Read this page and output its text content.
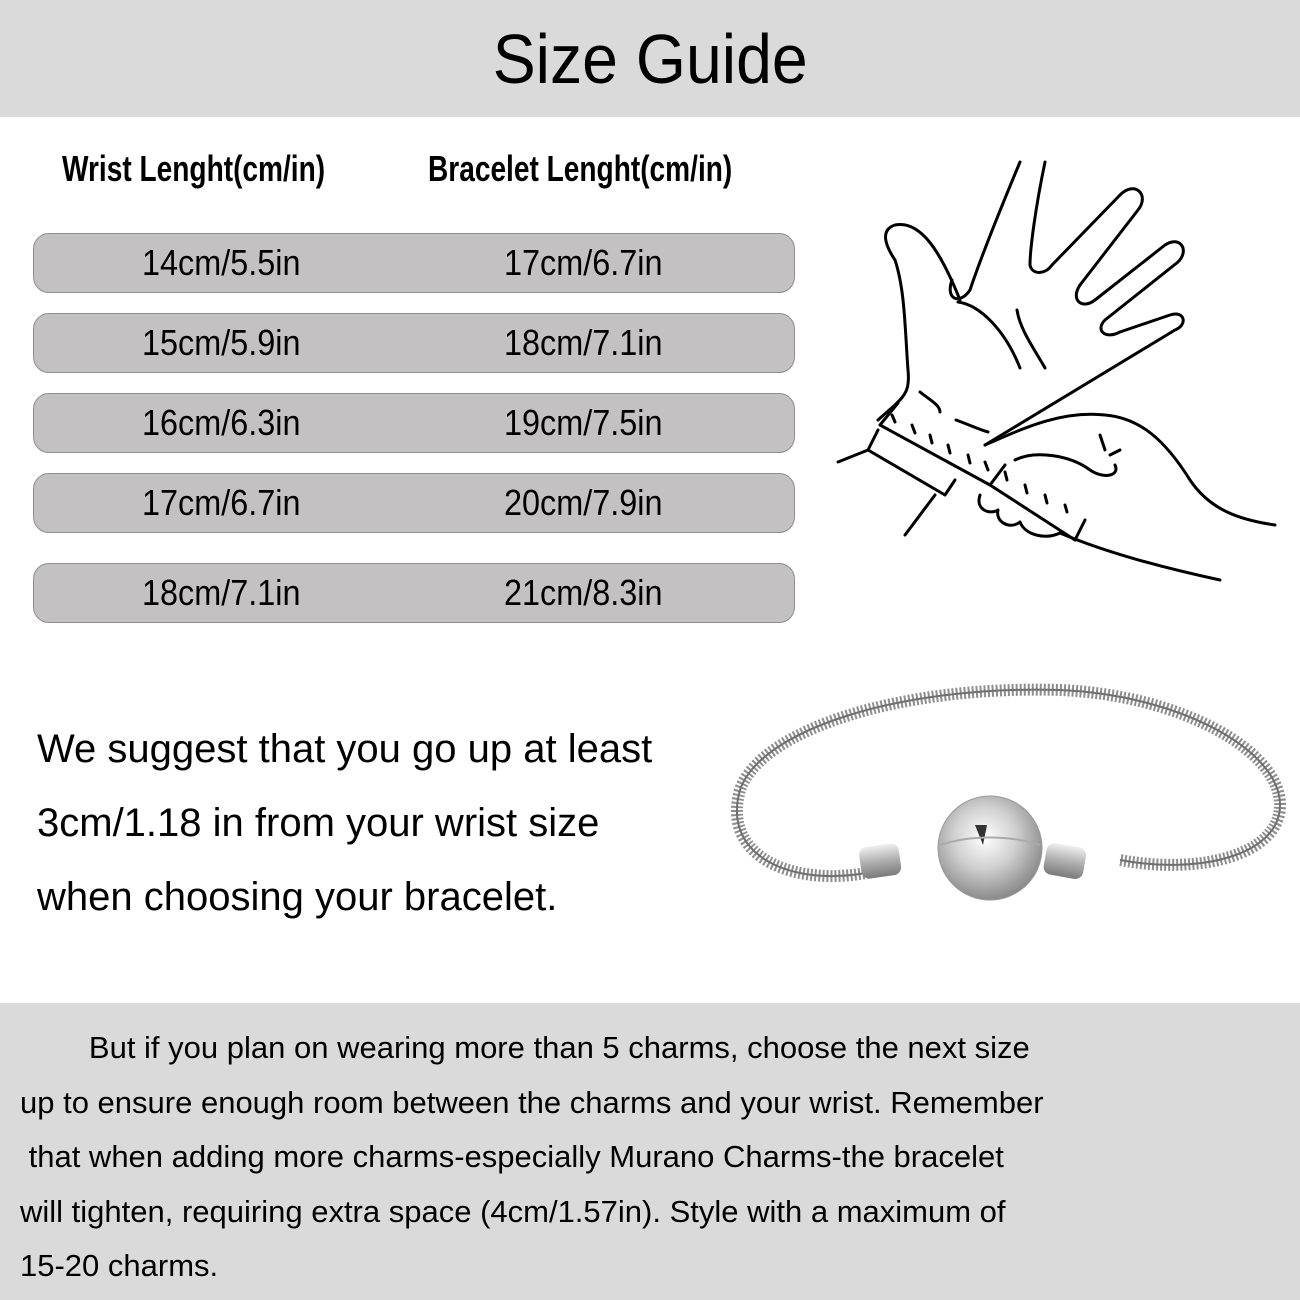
Size Guide
Wrist Lenght(cm/in)	Bracelet Lenght(cm/in)
14cm/5.5in	17cm/6.7in
15cm/5.9in	18cm/7.1in
16cm/6.3in	19cm/7.5in
17cm/6.7in	20cm/7.9in
18cm/7.1in	21cm/8.3in
We suggest that you go up at least
3cm/1.18 in from your wrist size
when choosing your bracelet.

But if you plan on wearing more than 5 charms, choose the next size
up to ensure enough room between the charms and your wrist. Remember
that when adding more charms-especially Murano Charms-the bracelet
will tighten, requiring extra space (4cm/1.57in). Style with a maximum of
15-20 charms.
